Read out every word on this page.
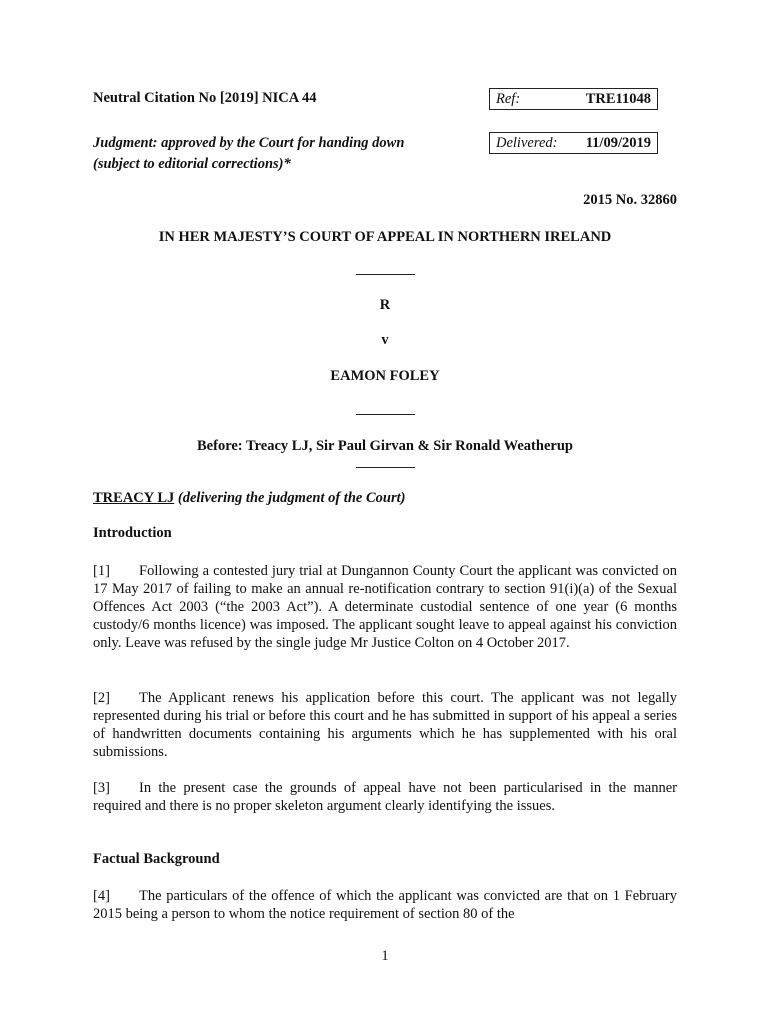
Neutral Citation No [2019] NICA 44	Ref:	TRE11048
Judgment: approved by the Court for handing down
(subject to editorial corrections)*
Delivered: 11/09/2019
2015 No. 32860
IN HER MAJESTY’S COURT OF APPEAL IN NORTHERN IRELAND
R
v
EAMON FOLEY
Before: Treacy LJ, Sir Paul Girvan & Sir Ronald Weatherup
TREACY LJ (delivering the judgment of the Court)
Introduction
[1] Following a contested jury trial at Dungannon County Court the applicant was convicted on 17 May 2017 of failing to make an annual re-notification contrary to section 91(i)(a) of the Sexual Offences Act 2003 (“the 2003 Act”). A determinate custodial sentence of one year (6 months custody/6 months licence) was imposed. The applicant sought leave to appeal against his conviction only. Leave was refused by the single judge Mr Justice Colton on 4 October 2017.
[2] The Applicant renews his application before this court. The applicant was not legally represented during his trial or before this court and he has submitted in support of his appeal a series of handwritten documents containing his arguments which he has supplemented with his oral submissions.
[3] In the present case the grounds of appeal have not been particularised in the manner required and there is no proper skeleton argument clearly identifying the issues.
Factual Background
[4] The particulars of the offence of which the applicant was convicted are that on 1 February 2015 being a person to whom the notice requirement of section 80 of the
1
